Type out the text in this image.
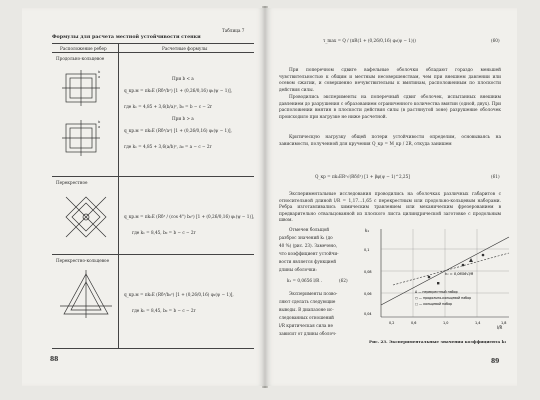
Таблица 7
Формулы для расчета местной устойчивости стенки
Расположение ребер	Расчетные формулы
Продольно-кольцевое
b
a
b
a
При b < a
q_кр.м = πk₁E (Rδ³/b²) [1 + (0,26/0,16) φ₁(ψ − 1)],
где k₁ = 4,85 + 3,6(b/a)², b₀ = b − c − 2r
При b > a
q_кр.м = πk₁E (Rδ³/a²) [1 + (0,26/0,16) φ₁(ψ − 1)],
где k₁ = 4,85 + 3,6(a/b)², a₀ = a − c − 2r
Перекрестное
q_кр.м = πk₁E (Rδ³ / (cos 4°) b₀²) [1 + (0,26/0,16) φ₁(ψ − 1)],
где k₁ = 8,45, b₀ = b − c − 2r
Перекрестно-кольцевое
q_кр.м = πk₁E (Rδ³/b₀²) [1 + (0,26/0,16) φ₁(ψ − 1)],
где k₁ = 8,45, b₀ = b − c − 2r
88
τ_max = Q / (πR(1 + (0,26/0,16) φ₁(ψ − 1)))	(60)
При поперечном сдвиге вафельные оболочки обладают гораздо меньшей чувствительностью к общим и местным несовершенствам, чем при внешнем давлении или осевом сжатии, и совершенно нечувствительны к вмятинам, расположенным по плоскости действия силы.
Проводились эксперименты на поперечный сдвиг оболочек, испытанных внешним давлением до разрушения с образованием ограниченного количества вмятин (одной, двух). При расположении вмятин в плоскости действия силы (в растянутой зоне) разрушение оболочек происходило при нагрузке не ниже расчетной.
Критическую нагрузку общей потери устойчивости определим, основываясь на зависимости, полученной для кручения Q_кр = M_кр / 2R, откуда занишем
Q_кр = πk₁ER²√(Rδ/l²) [1 + βφ(ψ − 1)^2,25]	(61)
Экспериментальные исследования проводились на оболочках различных габаритов с относительной длиной l/R = 1,17...1,65 с перекрестным или продольно-кольцевым наборами. Ребра изготавливались химическим травлением или механическим фрезерованием в предварительно отвальцованной из плоского листа цилиндрической заготовке с продольным швом.
Отмечен больщой
разброс значений k₁ (до
40 %) (рис. 23). Замечено,
что коэффициент устойчи-
вости является функцией
длины оболочки:
k₁ = 0,0656 l/R .	(62)
Эксперименты позво-
ляют сделать следующие
выводы. В диапазоне ис-
следованных отношений
l/R критическая сила не
зависит от длины оболоч-
k₁
l/R
0,1
0,08
0,06
0,04
0,2	0,6	1,0	1,4	1,8
k₁ = 0,0656√l/R
Δ — перекрестный набор
○ — продольно-кольцевой набор
□ — кольцевой набор
Рис. 23. Экспериментальные значения коэффициента k₁
89
